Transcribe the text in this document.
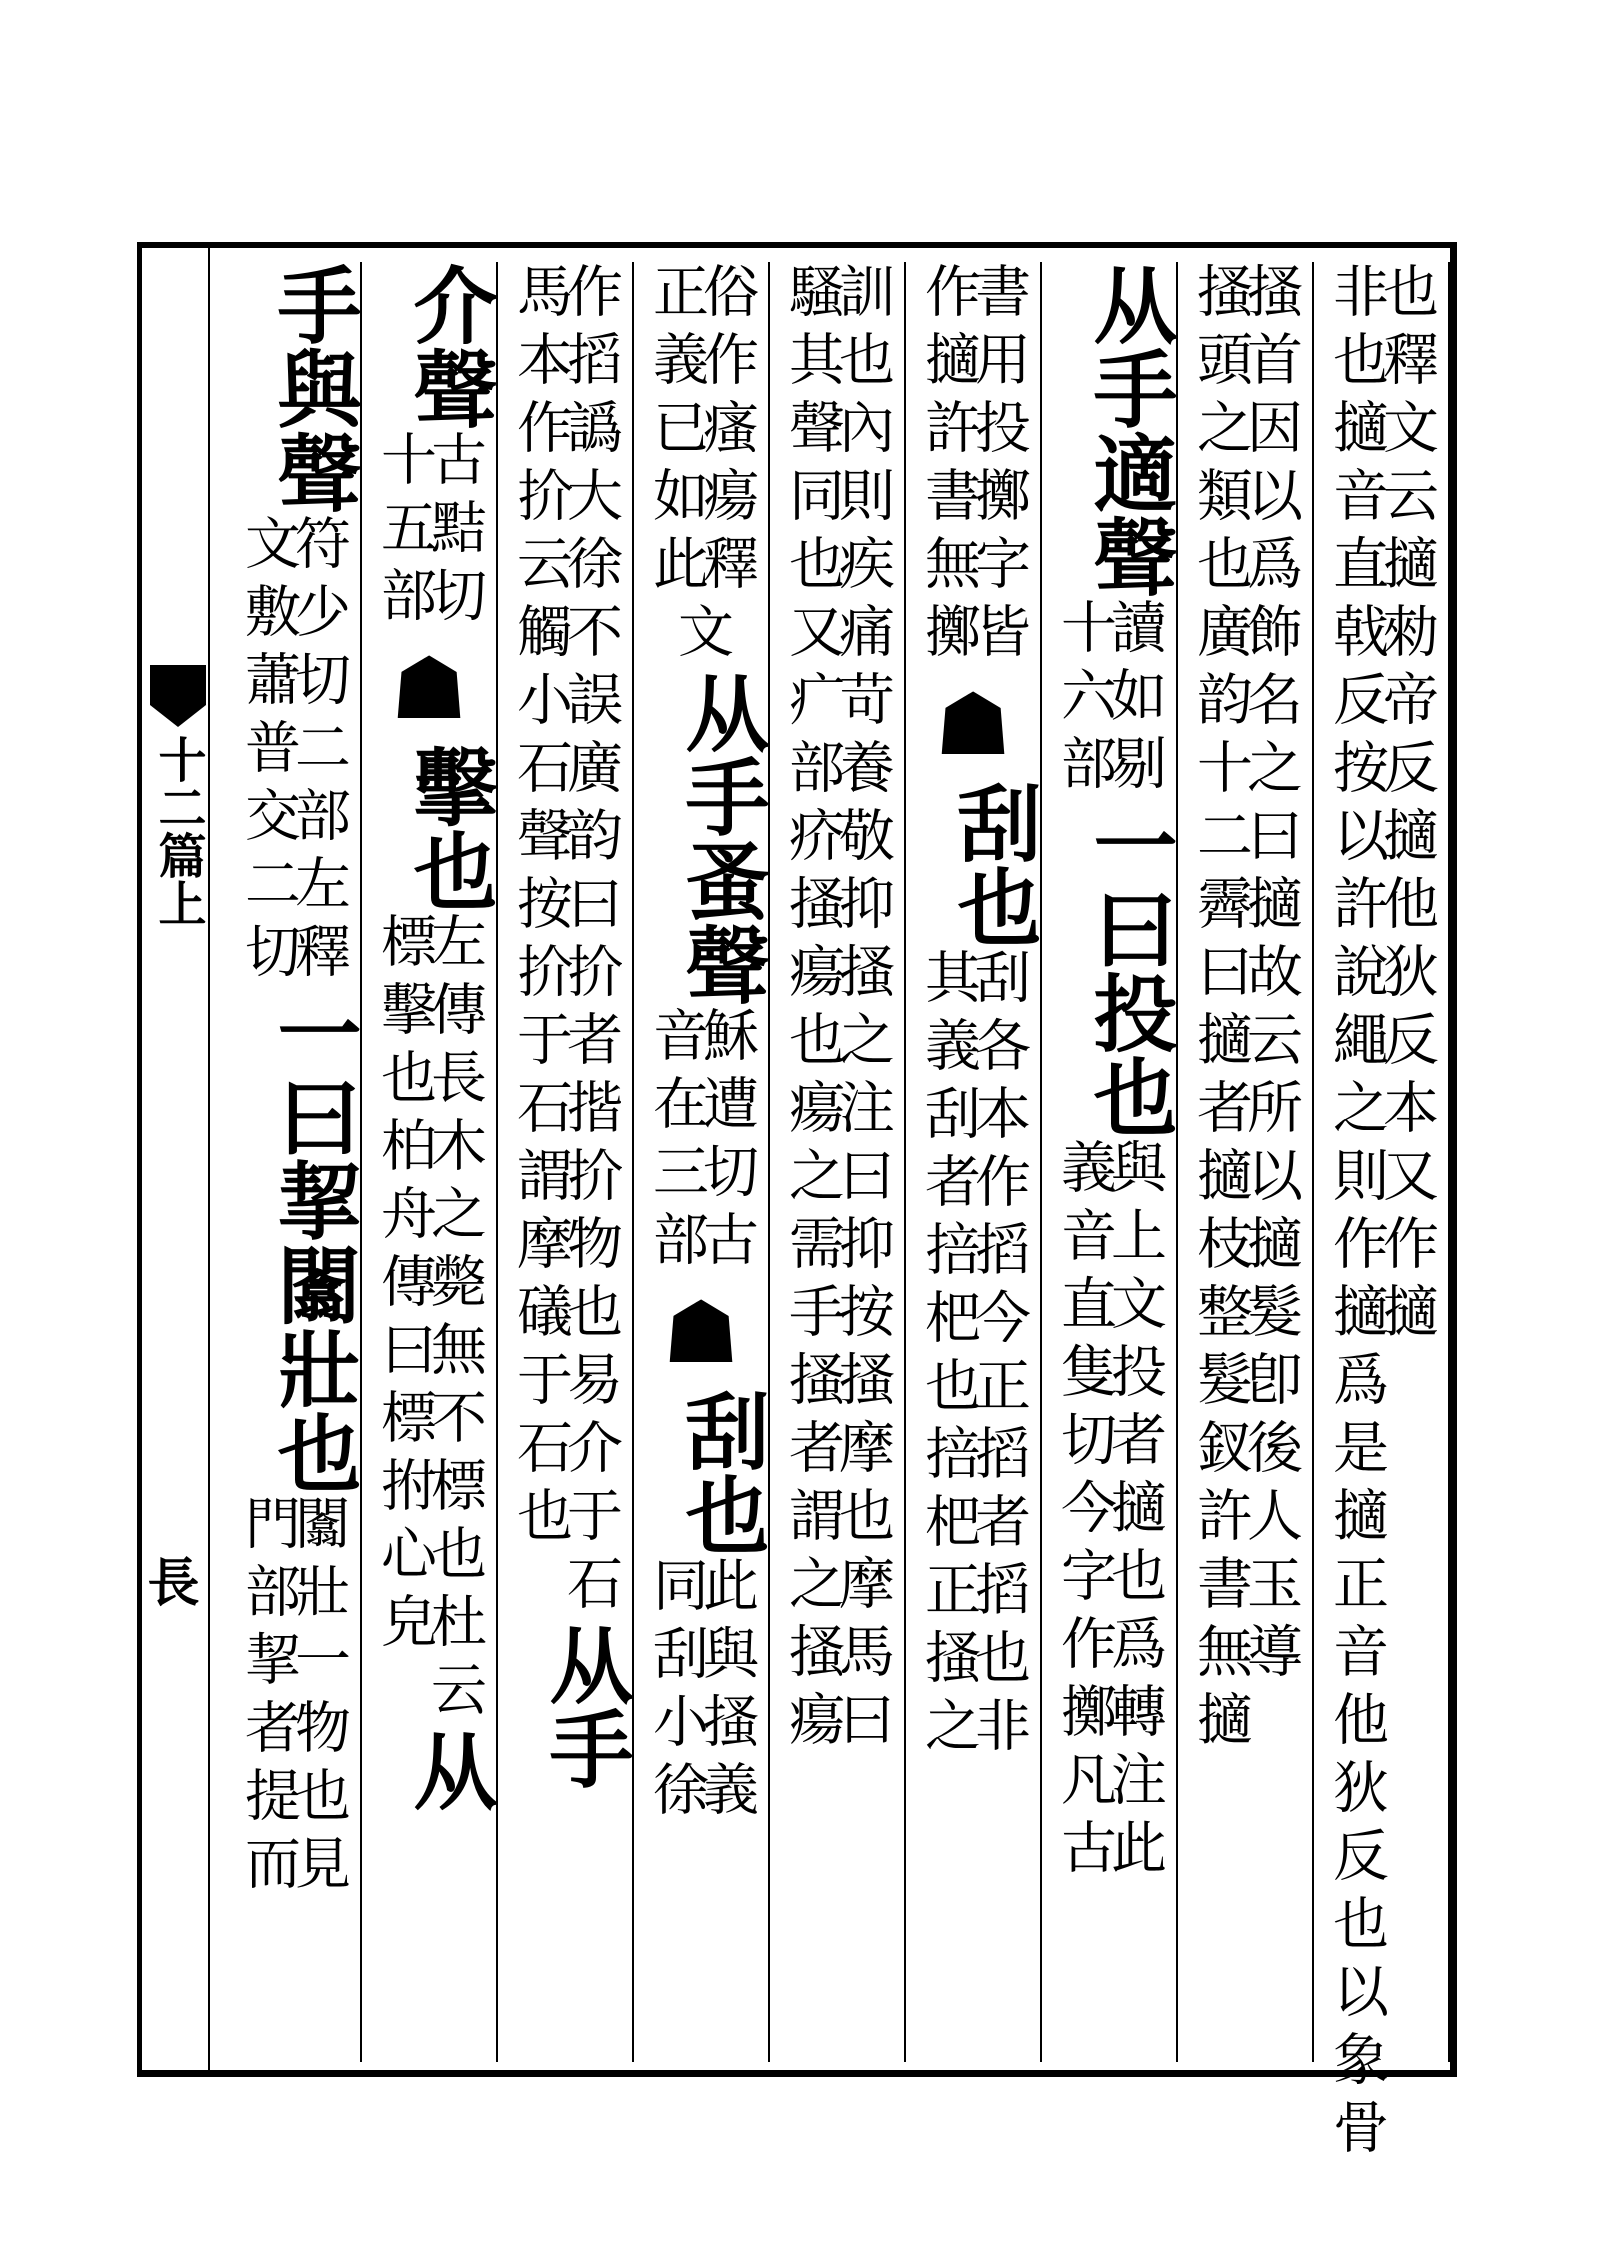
十二篇上
長
也釋文云擿勑帝反擿他狄反本又作擿
非也擿音直戟反按以許說繩之則作擿爲是擿正音他狄反也以象骨
搔首因以爲飾名之曰擿故云所以擿髮卽後人玉導
搔頭之類也廣韵十二霽曰擿者擿枝整髮釵許書無擿
从手適聲
讀如剔
十六部
一曰投也
與上文投者擿也爲轉注此
義音直隻切今字作擲凡古
書用投擲字皆
作擿許書無擲
☗
刮也
刮各本作搯今正搯者搯也非
其義刮者掊杷也掊杷正搔之
訓也內則疾痛苛養敬抑搔之注曰抑按搔摩也摩馬曰
騷其聲同也又疒部疥搔瘍也瘍之需手搔者謂之搔瘍
俗作瘙瘍釋
正義已如此
文
从手蚤聲
穌遭切古
音在三部
☗
刮也
此與搔義
同刮小徐
作搯譌大徐不誤廣韵曰扴者揩扴物也易介于石
馬本作扴云觸小石聲按扴于石謂摩礒于石也
从手
介聲
古黠切
十五部
☗
擊也
左傳長木之斃無不標也杜云
標擊也柏舟傳曰標拊心皃
从
手與聲
符少切二部左釋
文敷蕭普交二切
一曰挈闟壯也
闟壯一物也見
門部挈者提而
